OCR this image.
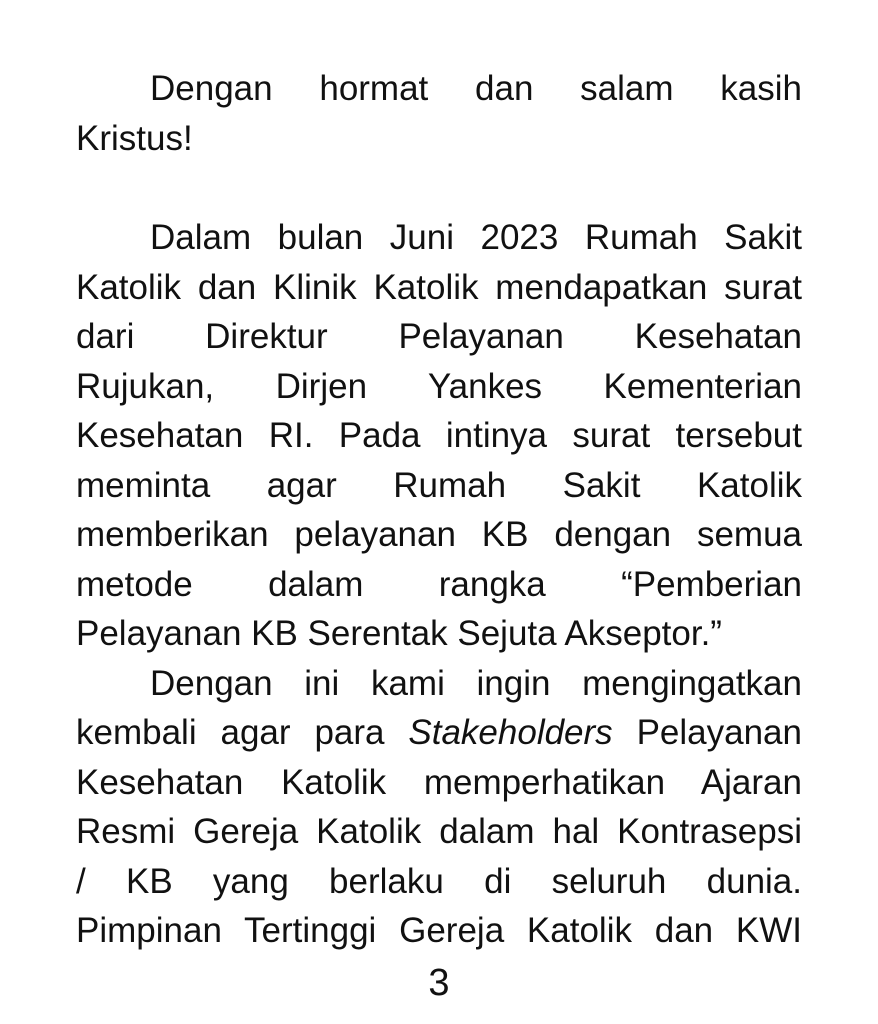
Dengan hormat dan salam kasih
Kristus!
Dalam bulan Juni 2023 Rumah Sakit
Katolik dan Klinik Katolik mendapatkan surat
dari Direktur Pelayanan Kesehatan
Rujukan, Dirjen Yankes Kementerian
Kesehatan RI. Pada intinya surat tersebut
meminta agar Rumah Sakit Katolik
memberikan pelayanan KB dengan semua
metode dalam rangka “Pemberian
Pelayanan KB Serentak Sejuta Akseptor.”
Dengan ini kami ingin mengingatkan
kembali agar para Stakeholders Pelayanan
Kesehatan Katolik memperhatikan Ajaran
Resmi Gereja Katolik dalam hal Kontrasepsi
/ KB yang berlaku di seluruh dunia.
Pimpinan Tertinggi Gereja Katolik dan KWI
3
